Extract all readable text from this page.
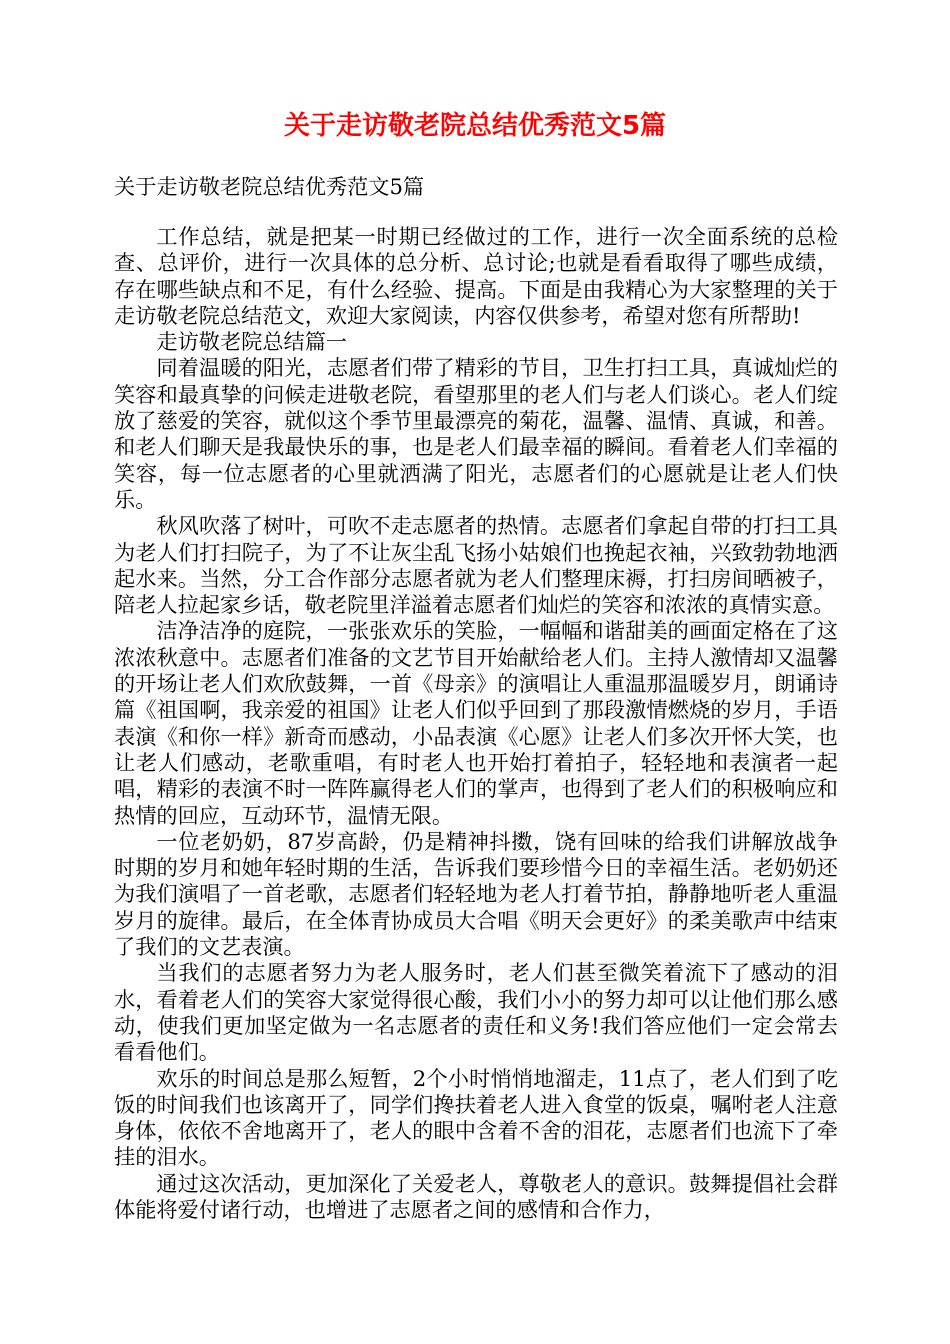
关于走访敬老院总结优秀范文5篇
关于走访敬老院总结优秀范文5篇

工作总结，就是把某一时期已经做过的工作，进行一次全面系统的总检查、总评价，进行一次具体的总分析、总讨论;也就是看看取得了哪些成绩，存在哪些缺点和不足，有什么经验、提高。下面是由我精心为大家整理的关于走访敬老院总结范文，欢迎大家阅读，内容仅供参考，希望对您有所帮助!

走访敬老院总结篇一

同着温暖的阳光，志愿者们带了精彩的节目，卫生打扫工具，真诚灿烂的笑容和最真挚的问候走进敬老院，看望那里的老人们与老人们谈心。老人们绽放了慈爱的笑容，就似这个季节里最漂亮的菊花，温馨、温情、真诚，和善。和老人们聊天是我最快乐的事，也是老人们最幸福的瞬间。看着老人们幸福的笑容，每一位志愿者的心里就洒满了阳光，志愿者们的心愿就是让老人们快乐。

秋风吹落了树叶，可吹不走志愿者的热情。志愿者们拿起自带的打扫工具为老人们打扫院子，为了不让灰尘乱飞扬小姑娘们也挽起衣袖，兴致勃勃地洒起水来。当然，分工合作部分志愿者就为老人们整理床褥，打扫房间晒被子，陪老人拉起家乡话，敬老院里洋溢着志愿者们灿烂的笑容和浓浓的真情实意。

洁净洁净的庭院，一张张欢乐的笑脸，一幅幅和谐甜美的画面定格在了这浓浓秋意中。志愿者们准备的文艺节目开始献给老人们。主持人激情却又温馨的开场让老人们欢欣鼓舞，一首《母亲》的演唱让人重温那温暖岁月，朗诵诗篇《祖国啊，我亲爱的祖国》让老人们似乎回到了那段激情燃烧的岁月，手语表演《和你一样》新奇而感动，小品表演《心愿》让老人们多次开怀大笑，也让老人们感动，老歌重唱，有时老人也开始打着拍子，轻轻地和表演者一起唱，精彩的表演不时一阵阵赢得老人们的掌声，也得到了老人们的积极响应和热情的回应，互动环节，温情无限。

一位老奶奶，87岁高龄，仍是精神抖擞，饶有回味的给我们讲解放战争时期的岁月和她年轻时期的生活，告诉我们要珍惜今日的幸福生活。老奶奶还为我们演唱了一首老歌，志愿者们轻轻地为老人打着节拍，静静地听老人重温岁月的旋律。最后，在全体青协成员大合唱《明天会更好》的柔美歌声中结束了我们的文艺表演。

当我们的志愿者努力为老人服务时，老人们甚至微笑着流下了感动的泪水，看着老人们的笑容大家觉得很心酸，我们小小的努力却可以让他们那么感动，使我们更加坚定做为一名志愿者的责任和义务!我们答应他们一定会常去看看他们。

欢乐的时间总是那么短暂，2个小时悄悄地溜走，11点了，老人们到了吃饭的时间我们也该离开了，同学们搀扶着老人进入食堂的饭桌，嘱咐老人注意身体，依依不舍地离开了，老人的眼中含着不舍的泪花，志愿者们也流下了牵挂的泪水。

通过这次活动，更加深化了关爱老人，尊敬老人的意识。鼓舞提倡社会群体能将爱付诸行动，也增进了志愿者之间的感情和合作力，
